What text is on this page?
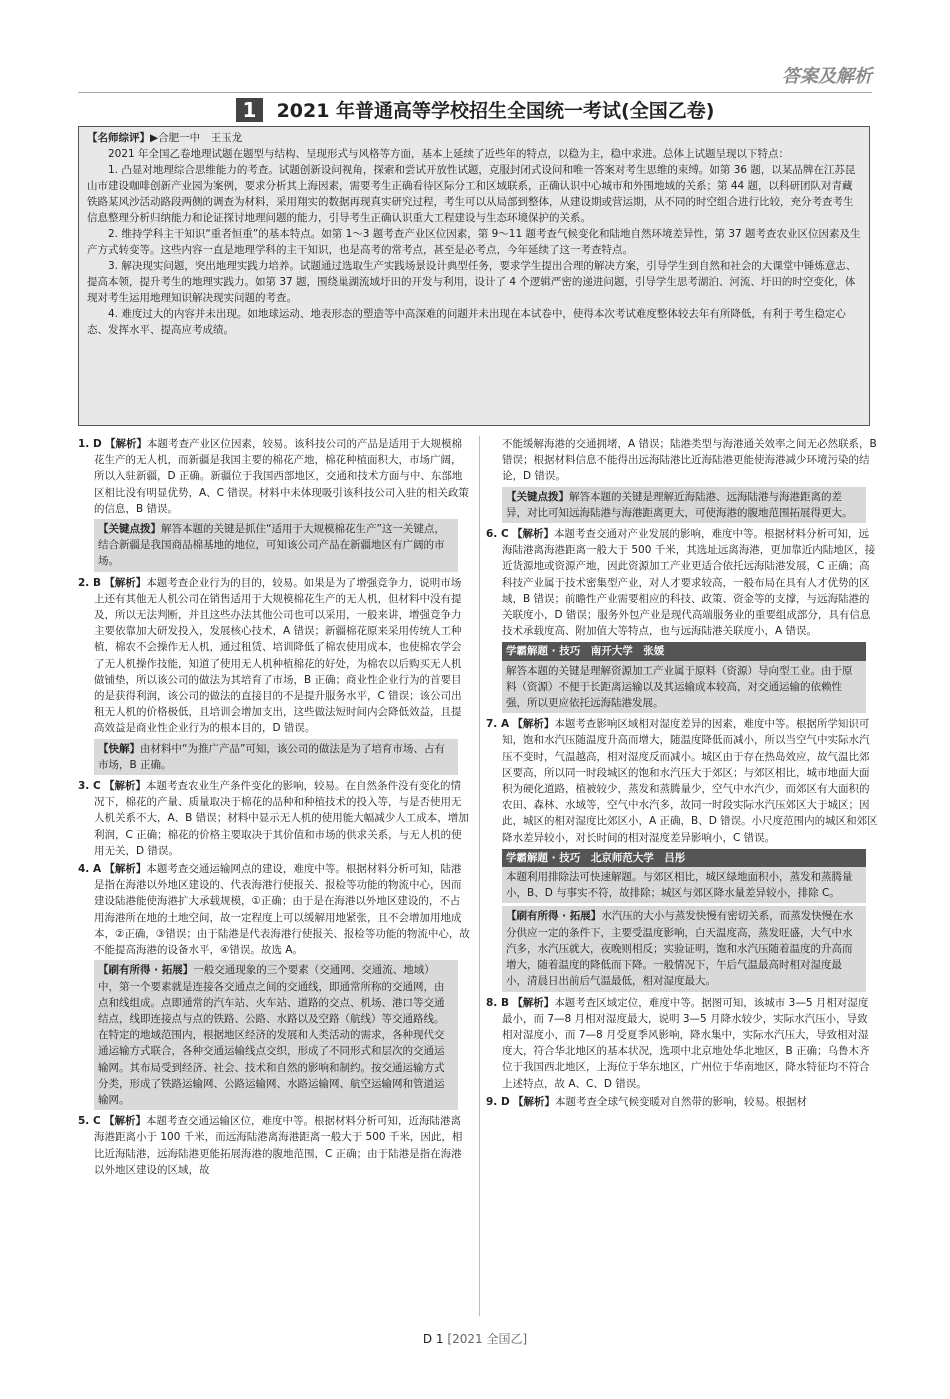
答案及解析
1 2021 年普通高等学校招生全国统一考试(全国乙卷)

【名师综评】▶合肥一中　王玉龙

2021 年全国乙卷地理试题在题型与结构、呈现形式与风格等方面，基本上延续了近些年的特点，以稳为主，稳中求进。总体上试题呈现以下特点：

1. 凸显对地理综合思维能力的考查。试题创新设问视角，探索和尝试开放性试题，克服封闭式设问和唯一答案对考生思维的束缚。如第 36 题，以某品牌在江苏昆山市建设咖啡创新产业园为案例，要求分析其上海因素，需要考生正确看待区际分工和区域联系，正确认识中心城市和外围地域的关系；第 44 题，以科研团队对青藏铁路某风沙活动路段两侧的调查为材料，采用翔实的数据再现真实研究过程，考生可以从局部到整体，从建设期或营运期，从不同的时空组合进行比较，充分考查考生信息整理分析归纳能力和论证探讨地理问题的能力，引导考生正确认识重大工程建设与生态环境保护的关系。

2. 维持学科主干知识“重者恒重”的基本特点。如第 1～3 题考查产业区位因素，第 9～11 题考查气候变化和陆地自然环境差异性，第 37 题考查农业区位因素及生产方式转变等。这些内容一直是地理学科的主干知识，也是高考的常考点，甚至是必考点，今年延续了这一考查特点。

3. 解决现实问题，突出地理实践力培养。试题通过选取生产实践场景设计典型任务，要求学生提出合理的解决方案，引导学生到自然和社会的大课堂中锤炼意志、提高本领，提升考生的地理实践力。如第 37 题，围绕巢湖流域圩田的开发与利用，设计了 4 个逻辑严密的递进问题，引导学生思考湖泊、河流、圩田的时空变化，体现对考生运用地理知识解决现实问题的考查。

4. 难度过大的内容并未出现。如地球运动、地表形态的塑造等中高深难的问题并未出现在本试卷中，使得本次考试难度整体较去年有所降低，有利于考生稳定心态、发挥水平、提高应考成绩。

1. D 【解析】本题考查产业区位因素，较易。该科技公司的产品是适用于大规模棉花生产的无人机，而新疆是我国主要的棉花产地，棉花种植面积大，市场广阔，所以入驻新疆，D 正确。新疆位于我国西部地区，交通和技术方面与中、东部地区相比没有明显优势，A、C 错误。材料中未体现吸引该科技公司入驻的相关政策的信息，B 错误。
【关键点拨】解答本题的关键是抓住“适用于大规模棉花生产”这一关键点，结合新疆是我国商品棉基地的地位，可知该公司产品在新疆地区有广阔的市场。
2. B 【解析】本题考查企业行为的目的，较易。如果是为了增强竞争力，说明市场上还有其他无人机公司在销售适用于大规模棉花生产的无人机，但材料中没有提及，所以无法判断，并且这些办法其他公司也可以采用，一般来讲，增强竞争力主要依靠加大研发投入，发展核心技术，A 错误；新疆棉花原来采用传统人工种植，棉农不会操作无人机，通过租赁、培训降低了棉农使用成本，也使棉农学会了无人机操作技能，知道了使用无人机种植棉花的好处，为棉农以后购买无人机做铺垫，所以该公司的做法为其培育了市场，B 正确；商业性企业行为的首要目的是获得利润，该公司的做法的直接目的不是提升服务水平，C 错误；该公司出租无人机的价格极低，且培训会增加支出，这些做法短时间内会降低效益，且提高效益是商业性企业行为的根本目的，D 错误。
【快解】由材料中“为推广产品”可知，该公司的做法是为了培育市场、占有市场，B 正确。
3. C 【解析】本题考查农业生产条件变化的影响，较易。在自然条件没有变化的情况下，棉花的产量、质量取决于棉花的品种和种植技术的投入等，与是否使用无人机关系不大，A、B 错误；材料中显示无人机的使用能大幅减少人工成本，增加利润，C 正确；棉花的价格主要取决于其价值和市场的供求关系，与无人机的使用无关，D 错误。
4. A 【解析】本题考查交通运输网点的建设，难度中等。根据材料分析可知，陆港是指在海港以外地区建设的、代表海港行使报关、报检等功能的物流中心，因而建设陆港能使海港扩大承载规模，①正确；由于是在海港以外地区建设的，不占用海港所在地的土地空间，故一定程度上可以缓解用地紧张，且不会增加用地成本，②正确，③错误；由于陆港是代表海港行使报关、报检等功能的物流中心，故不能提高海港的设备水平，④错误。故选 A。

【刷有所得 · 拓展】一般交通现象的三个要素（交通网、交通流、地域）中，第一个要素就是连接各交通点之间的交通线，即通常所称的交通网，由点和线组成。点即通常的汽车站、火车站、道路的交点、机场、港口等交通结点，线即连接点与点的铁路、公路、水路以及空路（航线）等交通路线。

在特定的地域范围内，根据地区经济的发展和人类活动的需求，各种现代交通运输方式联合，各种交通运输线点交织，形成了不同形式和层次的交通运输网。其布局受到经济、社会、技术和自然的影响和制约。按交通运输方式分类，形成了铁路运输网、公路运输网、水路运输网、航空运输网和管道运输网。

5. C 【解析】本题考查交通运输区位，难度中等。根据材料分析可知，近海陆港离海港距离小于 100 千米，而远海陆港离海港距离一般大于 500 千米，因此，相比近海陆港，远海陆港更能拓展海港的腹地范围，C 正确；由于陆港是指在海港以外地区建设的区域，故
不能缓解海港的交通拥堵，A 错误；陆港类型与海港通关效率之间无必然联系，B 错误；根据材料信息不能得出远海陆港比近海陆港更能使海港减少环境污染的结论，D 错误。
【关键点拨】解答本题的关键是理解近海陆港、远海陆港与海港距离的差异，对比可知远海陆港与海港距离更大，可使海港的腹地范围拓展得更大。
6. C 【解析】本题考查交通对产业发展的影响，难度中等。根据材料分析可知，远海陆港离海港距离一般大于 500 千米，其选址远离海港，更加靠近内陆地区，接近货源地或资源产地，因此资源加工产业更适合依托远海陆港发展，C 正确；高科技产业属于技术密集型产业，对人才要求较高，一般布局在具有人才优势的区域，B 错误；前瞻性产业需要相应的科技、政策、资金等的支撑，与远海陆港的关联度小，D 错误；服务外包产业是现代高端服务业的重要组成部分，具有信息技术承载度高、附加值大等特点，也与远海陆港关联度小，A 错误。
学霸解题 · 技巧　南开大学　张媛
解答本题的关键是理解资源加工产业属于原料（资源）导向型工业。由于原料（资源）不便于长距离运输以及其运输成本较高，对交通运输的依赖性强，所以更应依托远海陆港发展。
7. A 【解析】本题考查影响区域相对湿度差异的因素，难度中等。根据所学知识可知，饱和水汽压随温度升高而增大，随温度降低而减小，所以当空气中实际水汽压不变时，气温越高，相对湿度反而减小。城区由于存在热岛效应，故气温比郊区要高，所以同一时段城区的饱和水汽压大于郊区；与郊区相比，城市地面大面积为硬化道路，植被较少，蒸发和蒸腾量少，空气中水汽少，而郊区有大面积的农田、森林、水域等，空气中水汽多，故同一时段实际水汽压郊区大于城区；因此，城区的相对湿度比郊区小，A 正确，B、D 错误。小尺度范围内的城区和郊区降水差异较小，对长时间的相对湿度差异影响小，C 错误。
学霸解题 · 技巧　北京师范大学　吕彤
本题利用排除法可快速解题。与郊区相比，城区绿地面积小，蒸发和蒸腾量小，B、D 与事实不符，故排除；城区与郊区降水量差异较小，排除 C。
【刷有所得 · 拓展】水汽压的大小与蒸发快慢有密切关系，而蒸发快慢在水分供应一定的条件下，主要受温度影响，白天温度高，蒸发旺盛，大气中水汽多，水汽压就大，夜晚则相反；实验证明，饱和水汽压随着温度的升高而增大，随着温度的降低而下降。一般情况下，午后气温最高时相对湿度最小，清晨日出前后气温最低，相对湿度最大。
8. B 【解析】本题考查区域定位，难度中等。据图可知，该城市 3—5 月相对湿度最小，而 7—8 月相对湿度最大，说明 3—5 月降水较少，实际水汽压小，导致相对湿度小，而 7—8 月受夏季风影响，降水集中，实际水汽压大，导致相对湿度大，符合华北地区的基本状况，选项中北京地处华北地区，B 正确；乌鲁木齐位于我国西北地区，上海位于华东地区，广州位于华南地区，降水特征均不符合上述特点，故 A、C、D 错误。
9. D 【解析】本题考查全球气候变暖对自然带的影响，较易。根据材
D 1 [2021 全国乙]
